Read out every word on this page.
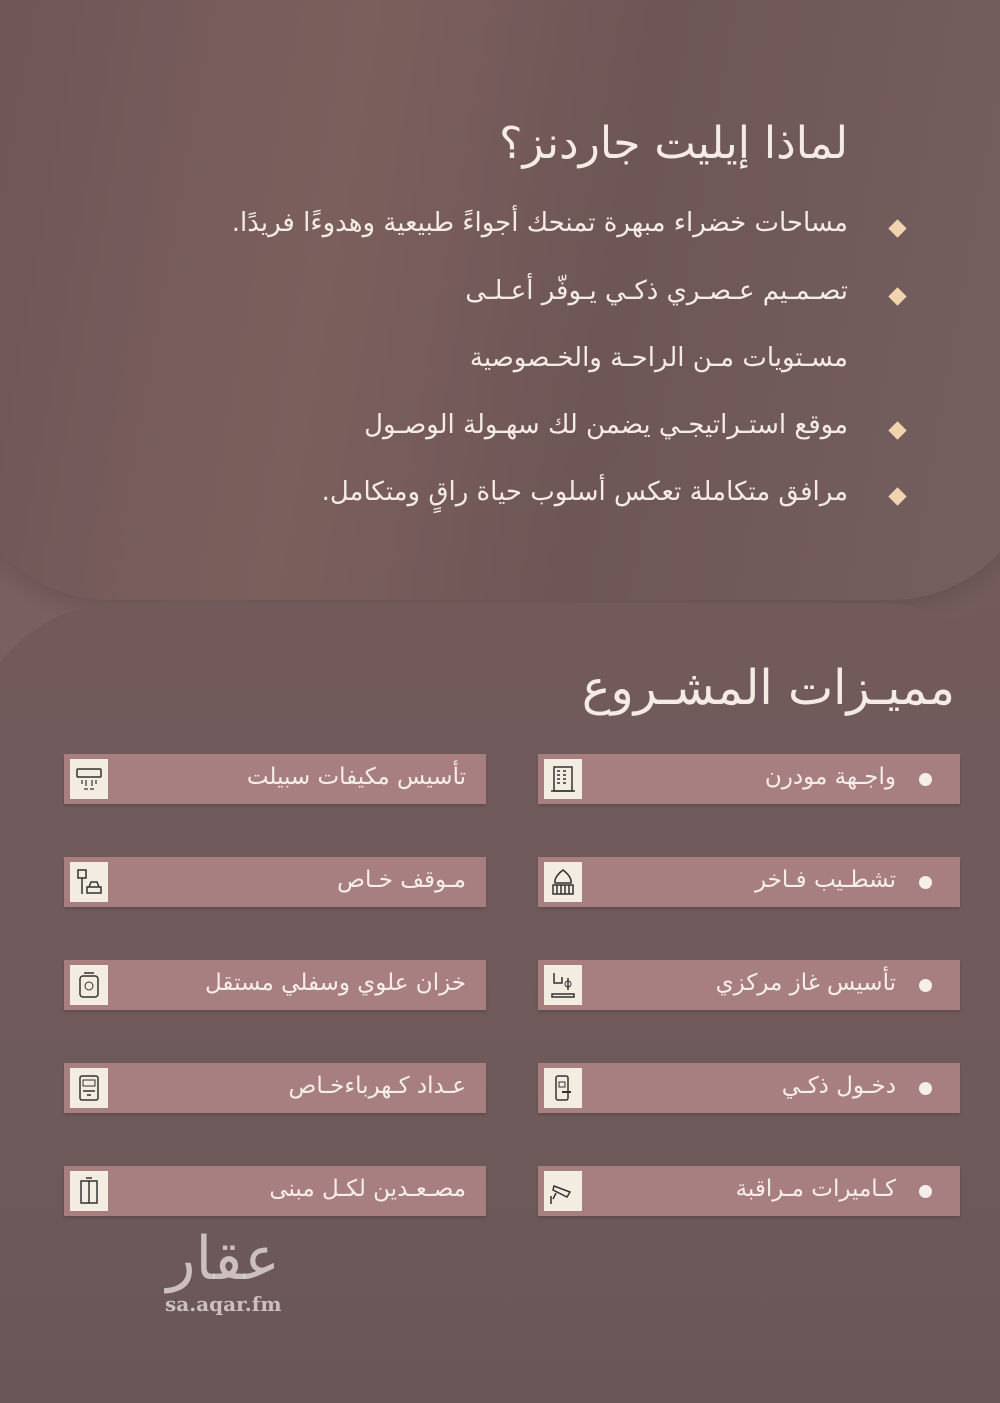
لماذا إيليت جاردنز؟
مساحات خضراء مبهرة تمنحك أجواءً طبيعية وهدوءًا فريدًا.
تصـمـيم عـصـري ذكـي يـوفّر أعـلـى
مسـتويات مـن الراحـة والخـصوصية
موقع استـراتيجـي يضمن لك سهـولة الوصـول
مرافق متكاملة تعكس أسلوب حياة راقٍ ومتكامل.
مميـزات المشـروع
واجـهة مودرن
تشطـيب فـاخر
تأسيس غاز مركزي
دخـول ذكـي
كـاميرات مـراقبة
تأسيس مكيفات سبيلت
مـوقف خـاص
خزان علوي وسفلي مستقل
عـداد كـهرباءخـاص
مصـعـدين لكـل مبنى
عقار
sa.aqar.fm
